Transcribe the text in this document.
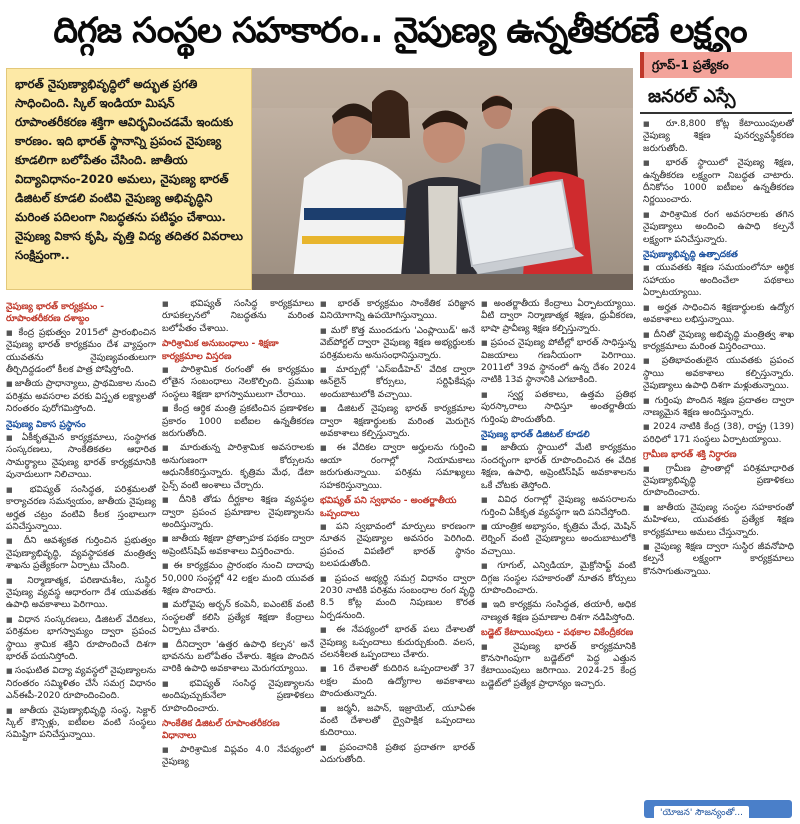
దిగ్గజ సంస్థల సహకారం.. నైపుణ్య ఉన్నతీకరణే లక్ష్యం

భారత్ నైపుణ్యాభివృద్ధిలో అద్భుత ప్రగతి సాధించింది. స్కిల్ ఇండియా మిషన్ రూపాంతరీకరణ శక్తిగా ఆవిర్భవించడమే ఇందుకు కారణం. ఇది భారత్ స్థానాన్ని ప్రపంచ నైపుణ్య కూడలిగా బలోపేతం చేసింది. జాతీయ విద్యావిధానం-2020 అమలు, నైపుణ్య భారత్ డిజిటల్ కూడలి వంటివి నైపుణ్య అభివృద్ధిని మరింత పదిలంగా నిబద్ధతను పటిష్ఠం చేశాయి. నైపుణ్య వికాస కృషి, వృత్తి విద్య తదితర వివరాలు సంక్షిప్తంగా..

గ్రూప్-1 ప్రత్యేకం
జనరల్ ఎస్సే
నైపుణ్య భారత్ కార్యక్రమం - రూపాంతరీకరణ దశాబ్దం

■ కేంద్ర ప్రభుత్వం 2015లో ప్రారంభించిన నైపుణ్య భారత్ కార్యక్రమం దేశ వ్యాప్తంగా యువతను నైపుణ్యవంతులుగా తీర్చిదిద్దడంలో కీలక పాత్ర పోషిస్తోంది.

■ జాతీయ ప్రాధాన్యాలు, ప్రాథమికాల నుంచి పరిశ్రమ అవసరాల వరకు విస్తృత లక్ష్యాలతో నిరంతరం పురోగమిస్తోంది.

నైపుణ్య వికాస ప్రస్థానం

■ ఏకీకృతమైన కార్యక్రమాలు, సంస్థాగత సంస్కరణలు, సాంకేతికతల ఆధారిత సామర్థ్యాలు నైపుణ్య భారత్ కార్యక్రమానికి పునాదులుగా నిలిచాయి.

■ భవిష్యత్ సంసిద్ధత, పరిశ్రమలతో కార్యాచరణ సమన్వయం, జాతీయ నైపుణ్య అర్హత చట్రం వంటివి కీలక స్తంభాలుగా పనిచేస్తున్నాయి.

■ దీని ఆవశ్యకత గుర్తించిన ప్రభుత్వం నైపుణ్యాభివృద్ధి, వ్యవస్థాపకత మంత్రిత్వ శాఖను ప్రత్యేకంగా ఏర్పాటు చేసింది.

■ నిర్మాణాత్మక, పరిణామశీల, సుస్థిర నైపుణ్య వ్యవస్థ ఆధారంగా దేశ యువతకు ఉపాధి అవకాశాలు పెరిగాయి.

■ విధాన సంస్కరణలు, డిజిటల్ వేదికలు, పరిశ్రమల భాగస్వామ్యం ద్వారా ప్రపంచ స్థాయి శ్రామిక శక్తిని రూపొందించే దిశగా భారత్ పయనిస్తోంది.

■ సంఘటిత విద్యా వ్యవస్థలో నైపుణ్యాలను నిరంతరం సమ్మిళితం చేసే సమగ్ర విధానం ఎన్ఈపీ-2020 రూపొందించింది.

■ జాతీయ నైపుణ్యాభివృద్ధి సంస్థ, సెక్టార్ స్కిల్ కౌన్సిళ్లు, ఐటీఐల వంటి సంస్థలు సమిష్టిగా పనిచేస్తున్నాయి.

■ భవిష్యత్ సంసిద్ధ కార్యక్రమాలు రూపకల్పనలో నిబద్ధతను మరింత బలోపేతం చేశాయి.

పారిశ్రామిక అనుబంధాలు - శిక్షణా కార్యక్రమాల విస్తరణ

■ పారిశ్రామిక రంగంతో ఈ కార్యక్రమం లోతైన సంబంధాలు నెలకొల్పింది. ప్రముఖ సంస్థలు శిక్షణా భాగస్వాములుగా చేరాయి.

■ కేంద్ర ఆర్థిక మంత్రి ప్రకటించిన ప్రణాళికల ప్రకారం 1000 ఐటీఐల ఉన్నతీకరణ జరుగుతోంది.

■ మారుతున్న పారిశ్రామిక అవసరాలకు అనుగుణంగా కోర్సులను ఆధునికీకరిస్తున్నారు. కృత్రిమ మేధ, డేటా సైన్స్ వంటి అంశాలు చేర్చారు.

■ దీనికి తోడు దీర్ఘకాల శిక్షణ వ్యవస్థల ద్వారా ప్రపంచ ప్రమాణాల నైపుణ్యాలను అందిస్తున్నారు.

■ జాతీయ శిక్షణా ప్రోత్సాహక పథకం ద్వారా అప్రెంటిస్‌షిప్ అవకాశాలు విస్తరించారు.

■ ఈ కార్యక్రమం ప్రారంభం నుంచి దాదాపు 50,000 సంస్థల్లో 42 లక్షల మంది యువత శిక్షణ పొందారు.

■ మరోవైపు అర్బన్ కంపెనీ, ఐఎంటెక్ వంటి సంస్థలతో కలిసి ప్రత్యేక శిక్షణా కేంద్రాలు ఏర్పాటు చేశారు.

■ దీనిద్వారా 'ఉత్తర ఉపాధి కల్పన' అనే భావనను బలోపేతం చేశారు. శిక్షణ పొందిన వారికి ఉపాధి అవకాశాలు మెరుగయ్యాయి.

■ భవిష్యత్ సంసిద్ధ నైపుణ్యాలను అందిపుచ్చుకునేలా ప్రణాళికలు రూపొందించారు.

సాంకేతిక డిజిటల్ రూపాంతరీకరణ విధానాలు

■ పారిశ్రామిక విప్లవం 4.0 నేపథ్యంలో నైపుణ్య

■ భారత్ కార్యక్రమం సాంకేతిక పరిజ్ఞాన వినియోగాన్ని ఉపయోగిస్తున్నాయి.

■ మరో కొత్త ముందడుగు 'ఎంప్లాయిడ్' అనే వెబ్‌పోర్టల్ ద్వారా నైపుణ్య శిక్షణ అభ్యర్థులకు పరిశ్రమలను అనుసంధానిస్తున్నారు.

■ మార్పుల్లో 'ఎస్ఐడీహెచ్' వేదిక ద్వారా ఆన్‌లైన్ కోర్సులు, సర్టిఫికేషన్లు అందుబాటులోకి వచ్చాయి.

■ డిజిటల్ నైపుణ్య భారత్ కార్యక్రమాల ద్వారా శిక్షణార్థులకు మరింత మెరుగైన అవకాశాలు కల్పిస్తున్నారు.

■ ఈ వేదికల ద్వారా అర్హులను గుర్తించి ఆయా రంగాల్లో నియామకాలు జరుగుతున్నాయి. పరిశ్రమ సమాఖ్యలు సహకరిస్తున్నాయి.

భవిష్యత్ పని స్వభావం - అంతర్జాతీయ ఒప్పందాలు

■ పని స్వభావంలో మార్పులు కారణంగా నూతన నైపుణ్యాల అవసరం పెరిగింది. ప్రపంచ విపణిలో భారత్ స్థానం బలపడుతోంది.

■ ప్రపంచ అభ్యర్థి సమగ్ర విధానం ద్వారా 2030 నాటికి పరిశ్రమ సంబంధాల రంగ వృద్ధి 8.5 కోట్ల మంది నిపుణుల కొరత ఏర్పడనుంది.

■ ఈ నేపథ్యంలో భారత్ పలు దేశాలతో నైపుణ్య ఒప్పందాలు కుదుర్చుకుంది. వలస, చలనశీలత ఒప్పందాలు చేశారు.

■ 16 దేశాలతో కుదిరిన ఒప్పందాలతో 37 లక్షల మంది ఉద్యోగాల అవకాశాలు పొందుతున్నారు.

■ జర్మనీ, జపాన్, ఇజ్రాయెల్, యూఏఈ వంటి దేశాలతో ద్వైపాక్షిక ఒప్పందాలు కుదిరాయి.

■ ప్రపంచానికి ప్రతిభ ప్రదాతగా భారత్ ఎదుగుతోంది.

■ అంతర్జాతీయ కేంద్రాలు ఏర్పాటయ్యాయి. వీటి ద్వారా నిర్మాణాత్మక శిక్షణ, ధ్రువీకరణ, భాషా ప్రావీణ్య శిక్షణ కల్పిస్తున్నారు.

■ ప్రపంచ నైపుణ్య పోటీల్లో భారత్ సాధిస్తున్న విజయాలు గణనీయంగా పెరిగాయి. 2011లో 39వ స్థానంలో ఉన్న దేశం 2024 నాటికి 13వ స్థానానికి ఎగబాకింది.

■ స్వర్ణ పతకాలు, ఉత్తమ ప్రతిభ పురస్కారాలు సాధిస్తూ అంతర్జాతీయ గుర్తింపు పొందుతోంది.

నైపుణ్య భారత్ డిజిటల్ కూడలి

■ జాతీయ స్థాయిలో మేటి కార్యక్రమం సందర్భంగా భారత్ రూపొందించిన ఈ వేదిక శిక్షణ, ఉపాధి, అప్రెంటిస్‌షిప్ అవకాశాలను ఒకే చోటకు తెస్తోంది.

■ వివిధ రంగాల్లో నైపుణ్య అవసరాలను గుర్తించి ఏకీకృత వ్యవస్థగా ఇది పనిచేస్తోంది.

■ యాంత్రిక అభ్యాసం, కృత్రిమ మేధ, మెషిన్ లెర్నింగ్ వంటి నైపుణ్యాలు అందుబాటులోకి వచ్చాయి.

■ గూగుల్, ఎన్విడియా, మైక్రోసాఫ్ట్ వంటి దిగ్గజ సంస్థల సహకారంతో నూతన కోర్సులు రూపొందించారు.

■ ఇది కార్యక్రమ సంసిద్ధత, తయారీ, అధిక నాణ్యత శిక్షణ ప్రమాణాల దిశగా నడిపిస్తోంది.

బడ్జెట్ కేటాయింపులు - పథకాల వికేంద్రీకరణ

■ నైపుణ్య భారత్ కార్యక్రమానికి కొనసాగింపుగా బడ్జెట్‌లో పెద్ద ఎత్తున కేటాయింపులు జరిగాయి. 2024-25 కేంద్ర బడ్జెట్‌లో ప్రత్యేక ప్రాధాన్యం ఇచ్చారు.

■ రూ.8,800 కోట్ల కేటాయింపులతో నైపుణ్య శిక్షణ పునర్వ్యవస్థీకరణ జరుగుతోంది.

■ భారత్ స్థాయిలో నైపుణ్య శిక్షణ, ఉన్నతీకరణ లక్ష్యంగా నిబద్ధత చాటారు. దీనికోసం 1000 ఐటీఐల ఉన్నతీకరణ నిర్ణయించారు.

■ పారిశ్రామిక రంగ అవసరాలకు తగిన నైపుణ్యాలు అందించి ఉపాధి కల్పనే లక్ష్యంగా పనిచేస్తున్నారు.

నైపుణ్యాభివృద్ధి ఉత్పాదకత

■ యువతకు శిక్షణ సమయంలోనూ ఆర్థిక సహాయం అందించేలా పథకాలు ఏర్పాటయ్యాయి.

■ అర్హత సాధించిన శిక్షణార్థులకు ఉద్యోగ అవకాశాలు లభిస్తున్నాయి.

■ దీనితో నైపుణ్య అభివృద్ధి మంత్రిత్వ శాఖ కార్యక్రమాలు మరింత విస్తరించాయి.

■ ప్రతిభావంతులైన యువతకు ప్రపంచ స్థాయి అవకాశాలు కల్పిస్తున్నారు. నైపుణ్యాలు ఉపాధి దిశగా మళ్లుతున్నాయి.

■ గుర్తింపు పొందిన శిక్షణ ప్రదాతల ద్వారా నాణ్యమైన శిక్షణ అందిస్తున్నారు.

■ 2024 నాటికి కేంద్ర (38), రాష్ట్ర (139) పరిధిలో 171 సంస్థలు ఏర్పాటయ్యాయి.

గ్రామీణ భారత్ శక్తి నిర్ధారణ

■ గ్రామీణ ప్రాంతాల్లో పరిశ్రమాధారిత నైపుణ్యాభివృద్ధి ప్రణాళికలు రూపొందించారు.

■ జాతీయ నైపుణ్య సంస్థల సహకారంతో మహిళలు, యువతకు ప్రత్యేక శిక్షణ కార్యక్రమాలు అమలు చేస్తున్నారు.

■ నైపుణ్య శిక్షణ ద్వారా సుస్థిర జీవనోపాధి కల్పనే లక్ష్యంగా కార్యక్రమాలు కొనసాగుతున్నాయి.

'యోజన' సౌజన్యంతో...
